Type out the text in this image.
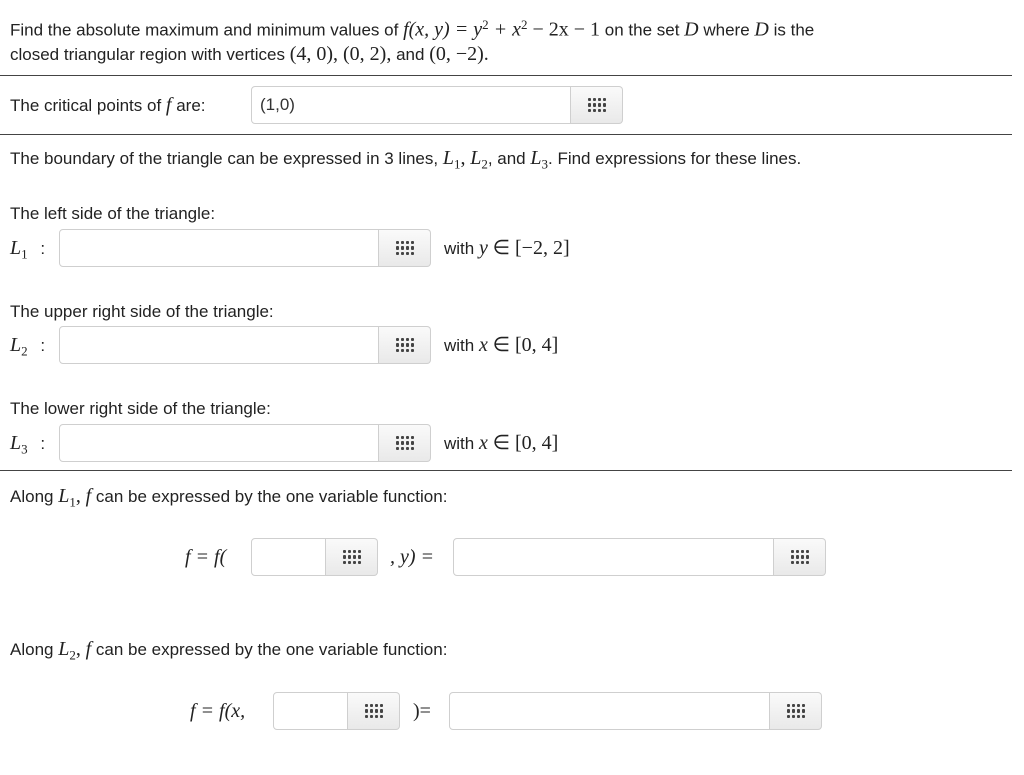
Find the absolute maximum and minimum values of f(x, $y) = y^2 + x^2 - 2x - 1$ on the set D where D is the
closed triangular region with vertices (4, 0), (0, 2), and (0, −2).
The critical points of f are:	(1,0)
The boundary of the triangle can be expressed in 3 lines, $L_1$, $L_2$, and $L_3$. Find expressions for these lines.
The left side of the triangle:
$L_1$ :	with y ∈ [−2, 2]
The upper right side of the triangle:
$L_2$ :	with x ∈ [0, 4]
The lower right side of the triangle:
$L_3$ :	with x ∈ [0, 4]
Along $L_1$, f can be expressed by the one variable function:
f = f(	, y) =
Along $L_2$, f can be expressed by the one variable function:
f = f(x,	)=
